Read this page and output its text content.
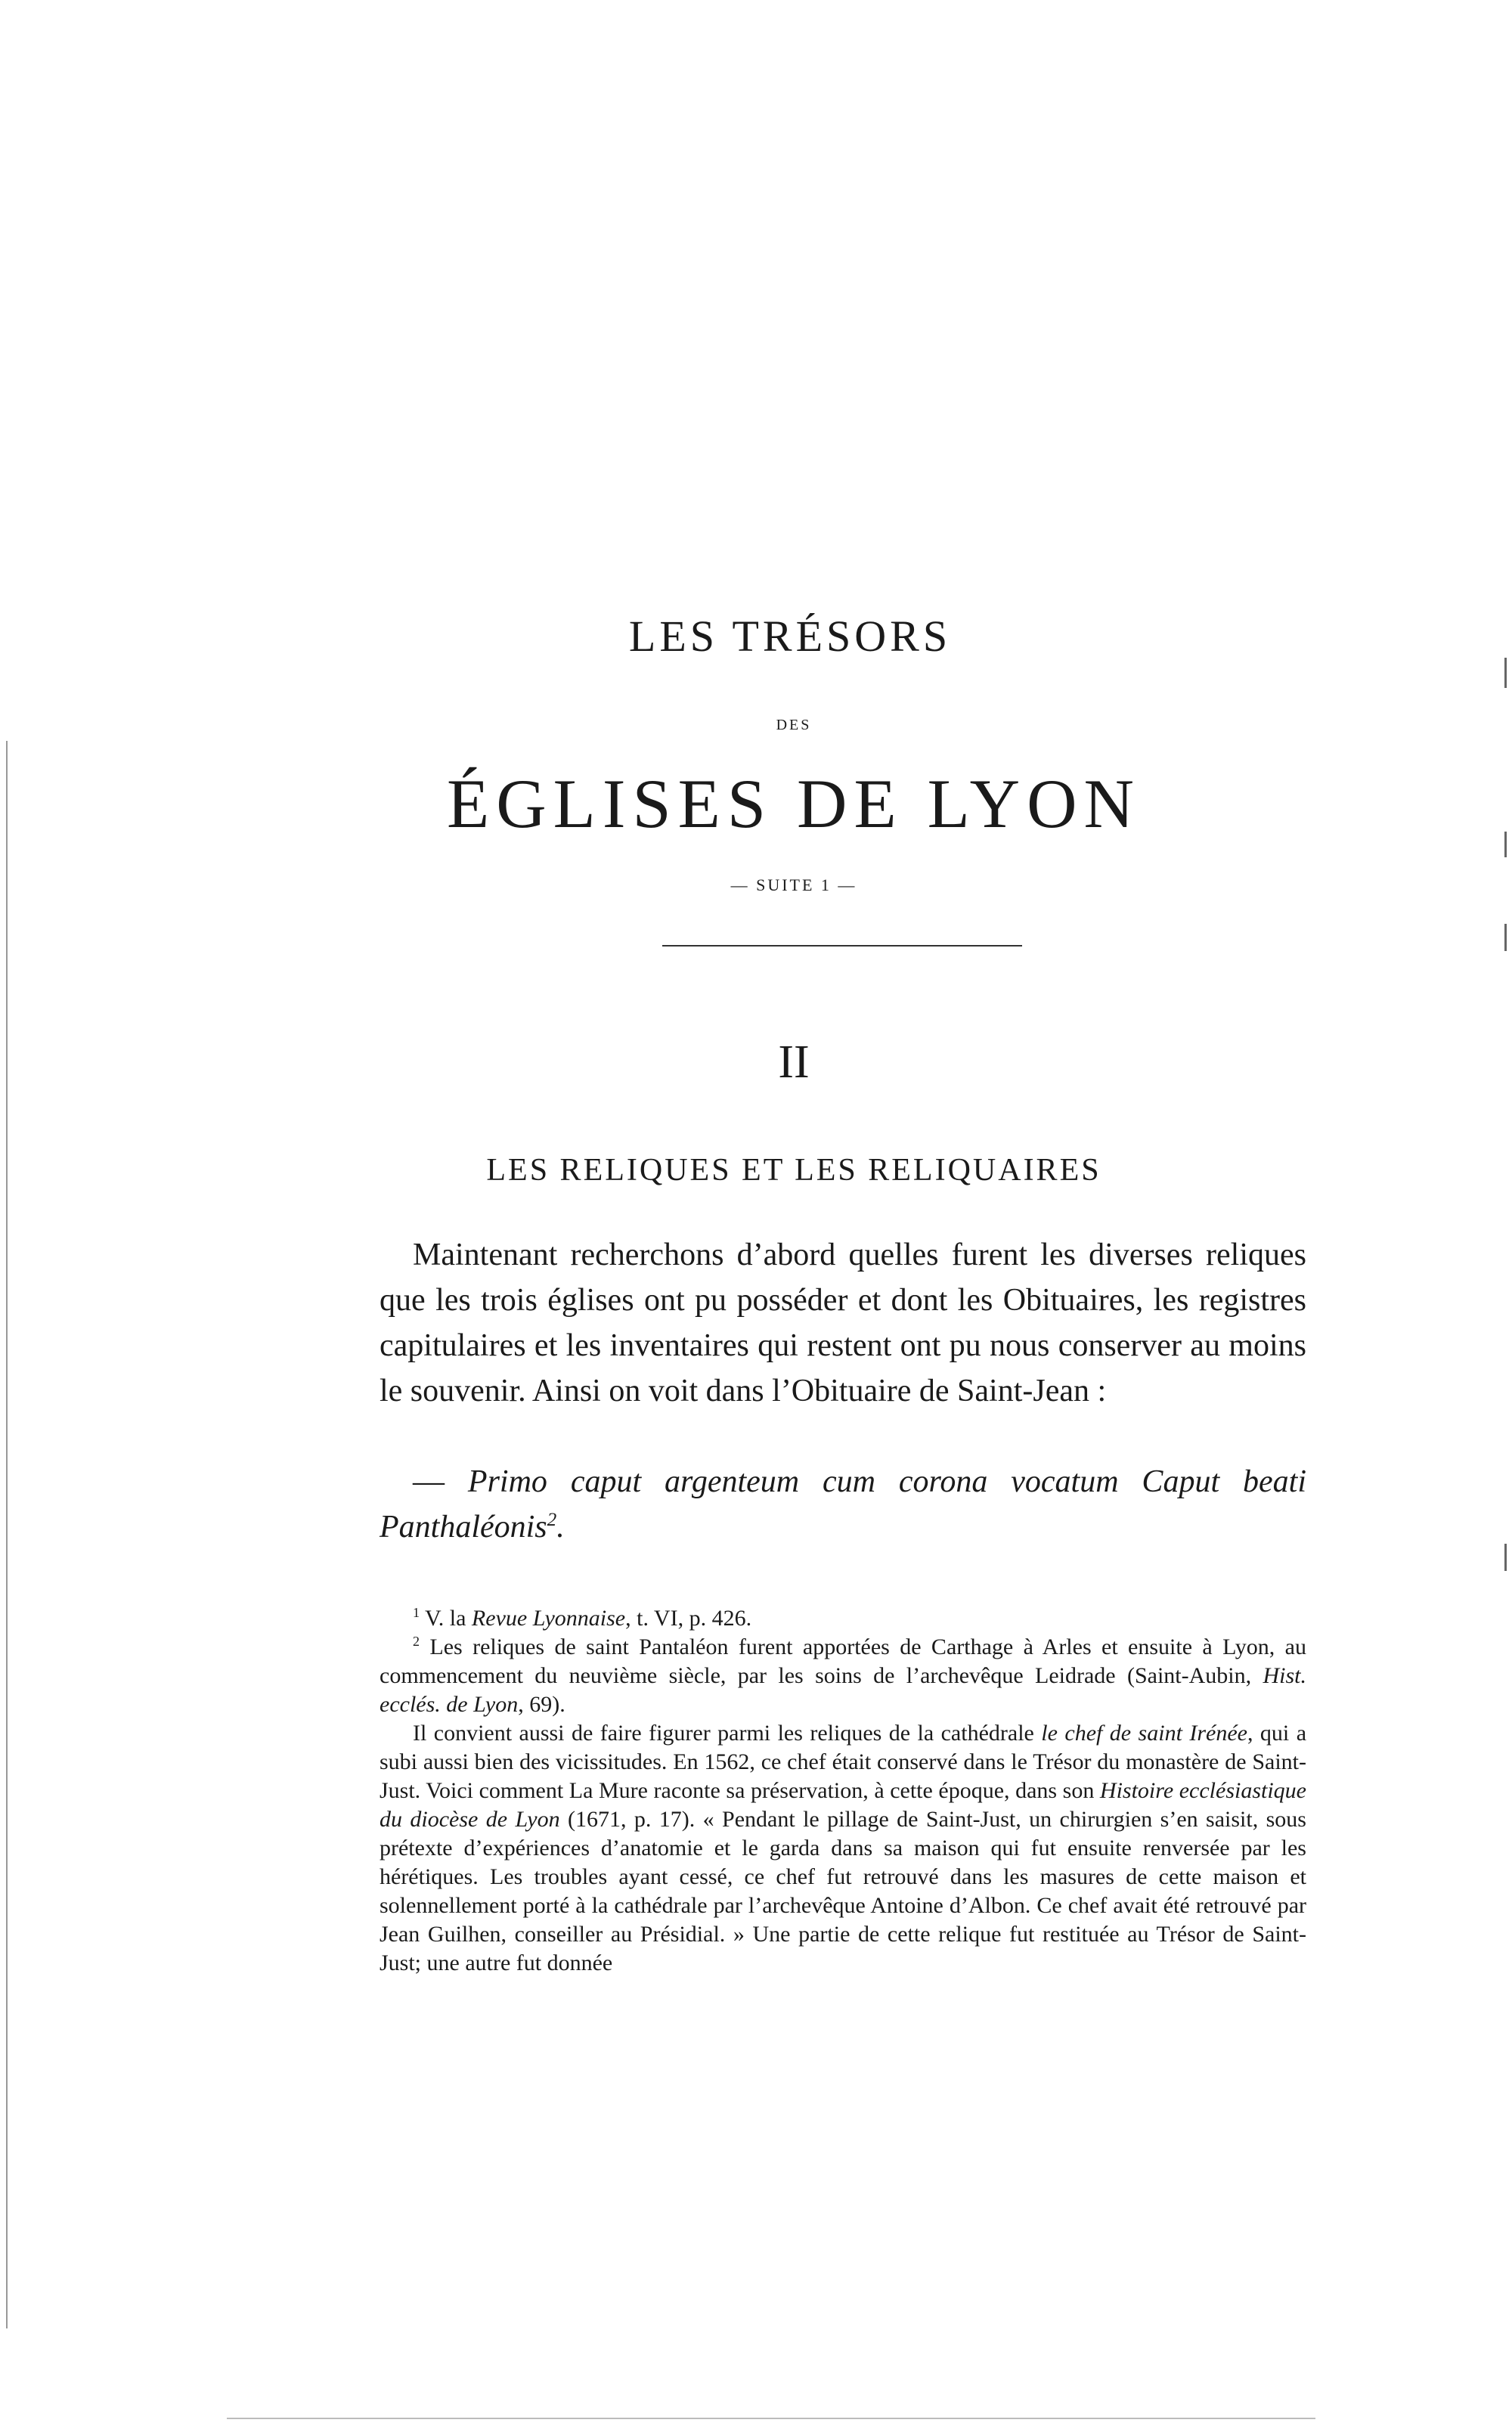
LES TRÉSORS
DES
ÉGLISES DE LYON
— SUITE 1 —
II
LES RELIQUES ET LES RELIQUAIRES

Maintenant recherchons d’abord quelles furent les diverses reliques que les trois églises ont pu posséder et dont les Obituaires, les registres capitulaires et les inventaires qui restent ont pu nous conserver au moins le souvenir. Ainsi on voit dans l’Obituaire de Saint-Jean :

— Primo caput argenteum cum corona vocatum Caput beati Panthaléonis$^2$.

$^1$ V. la Revue Lyonnaise, t. VI, p. 426.

$^2$ Les reliques de saint Pantaléon furent apportées de Carthage à Arles et ensuite à Lyon, au commencement du neuvième siècle, par les soins de l’archevêque Leidrade (Saint-Aubin, Hist. ecclés. de Lyon, 69).

Il convient aussi de faire figurer parmi les reliques de la cathédrale le chef de saint Irénée, qui a subi aussi bien des vicissitudes. En 1562, ce chef était conservé dans le Trésor du monastère de Saint-Just. Voici comment La Mure raconte sa préservation, à cette époque, dans son Histoire ecclésiastique du diocèse de Lyon (1671, p. 17). « Pendant le pillage de Saint-Just, un chirurgien s’en saisit, sous prétexte d’expériences d’anatomie et le garda dans sa maison qui fut ensuite renversée par les hérétiques. Les troubles ayant cessé, ce chef fut retrouvé dans les masures de cette maison et solennellement porté à la cathédrale par l’archevêque Antoine d’Albon. Ce chef avait été retrouvé par Jean Guilhen, conseiller au Présidial. » Une partie de cette relique fut restituée au Trésor de Saint-Just; une autre fut donnée
